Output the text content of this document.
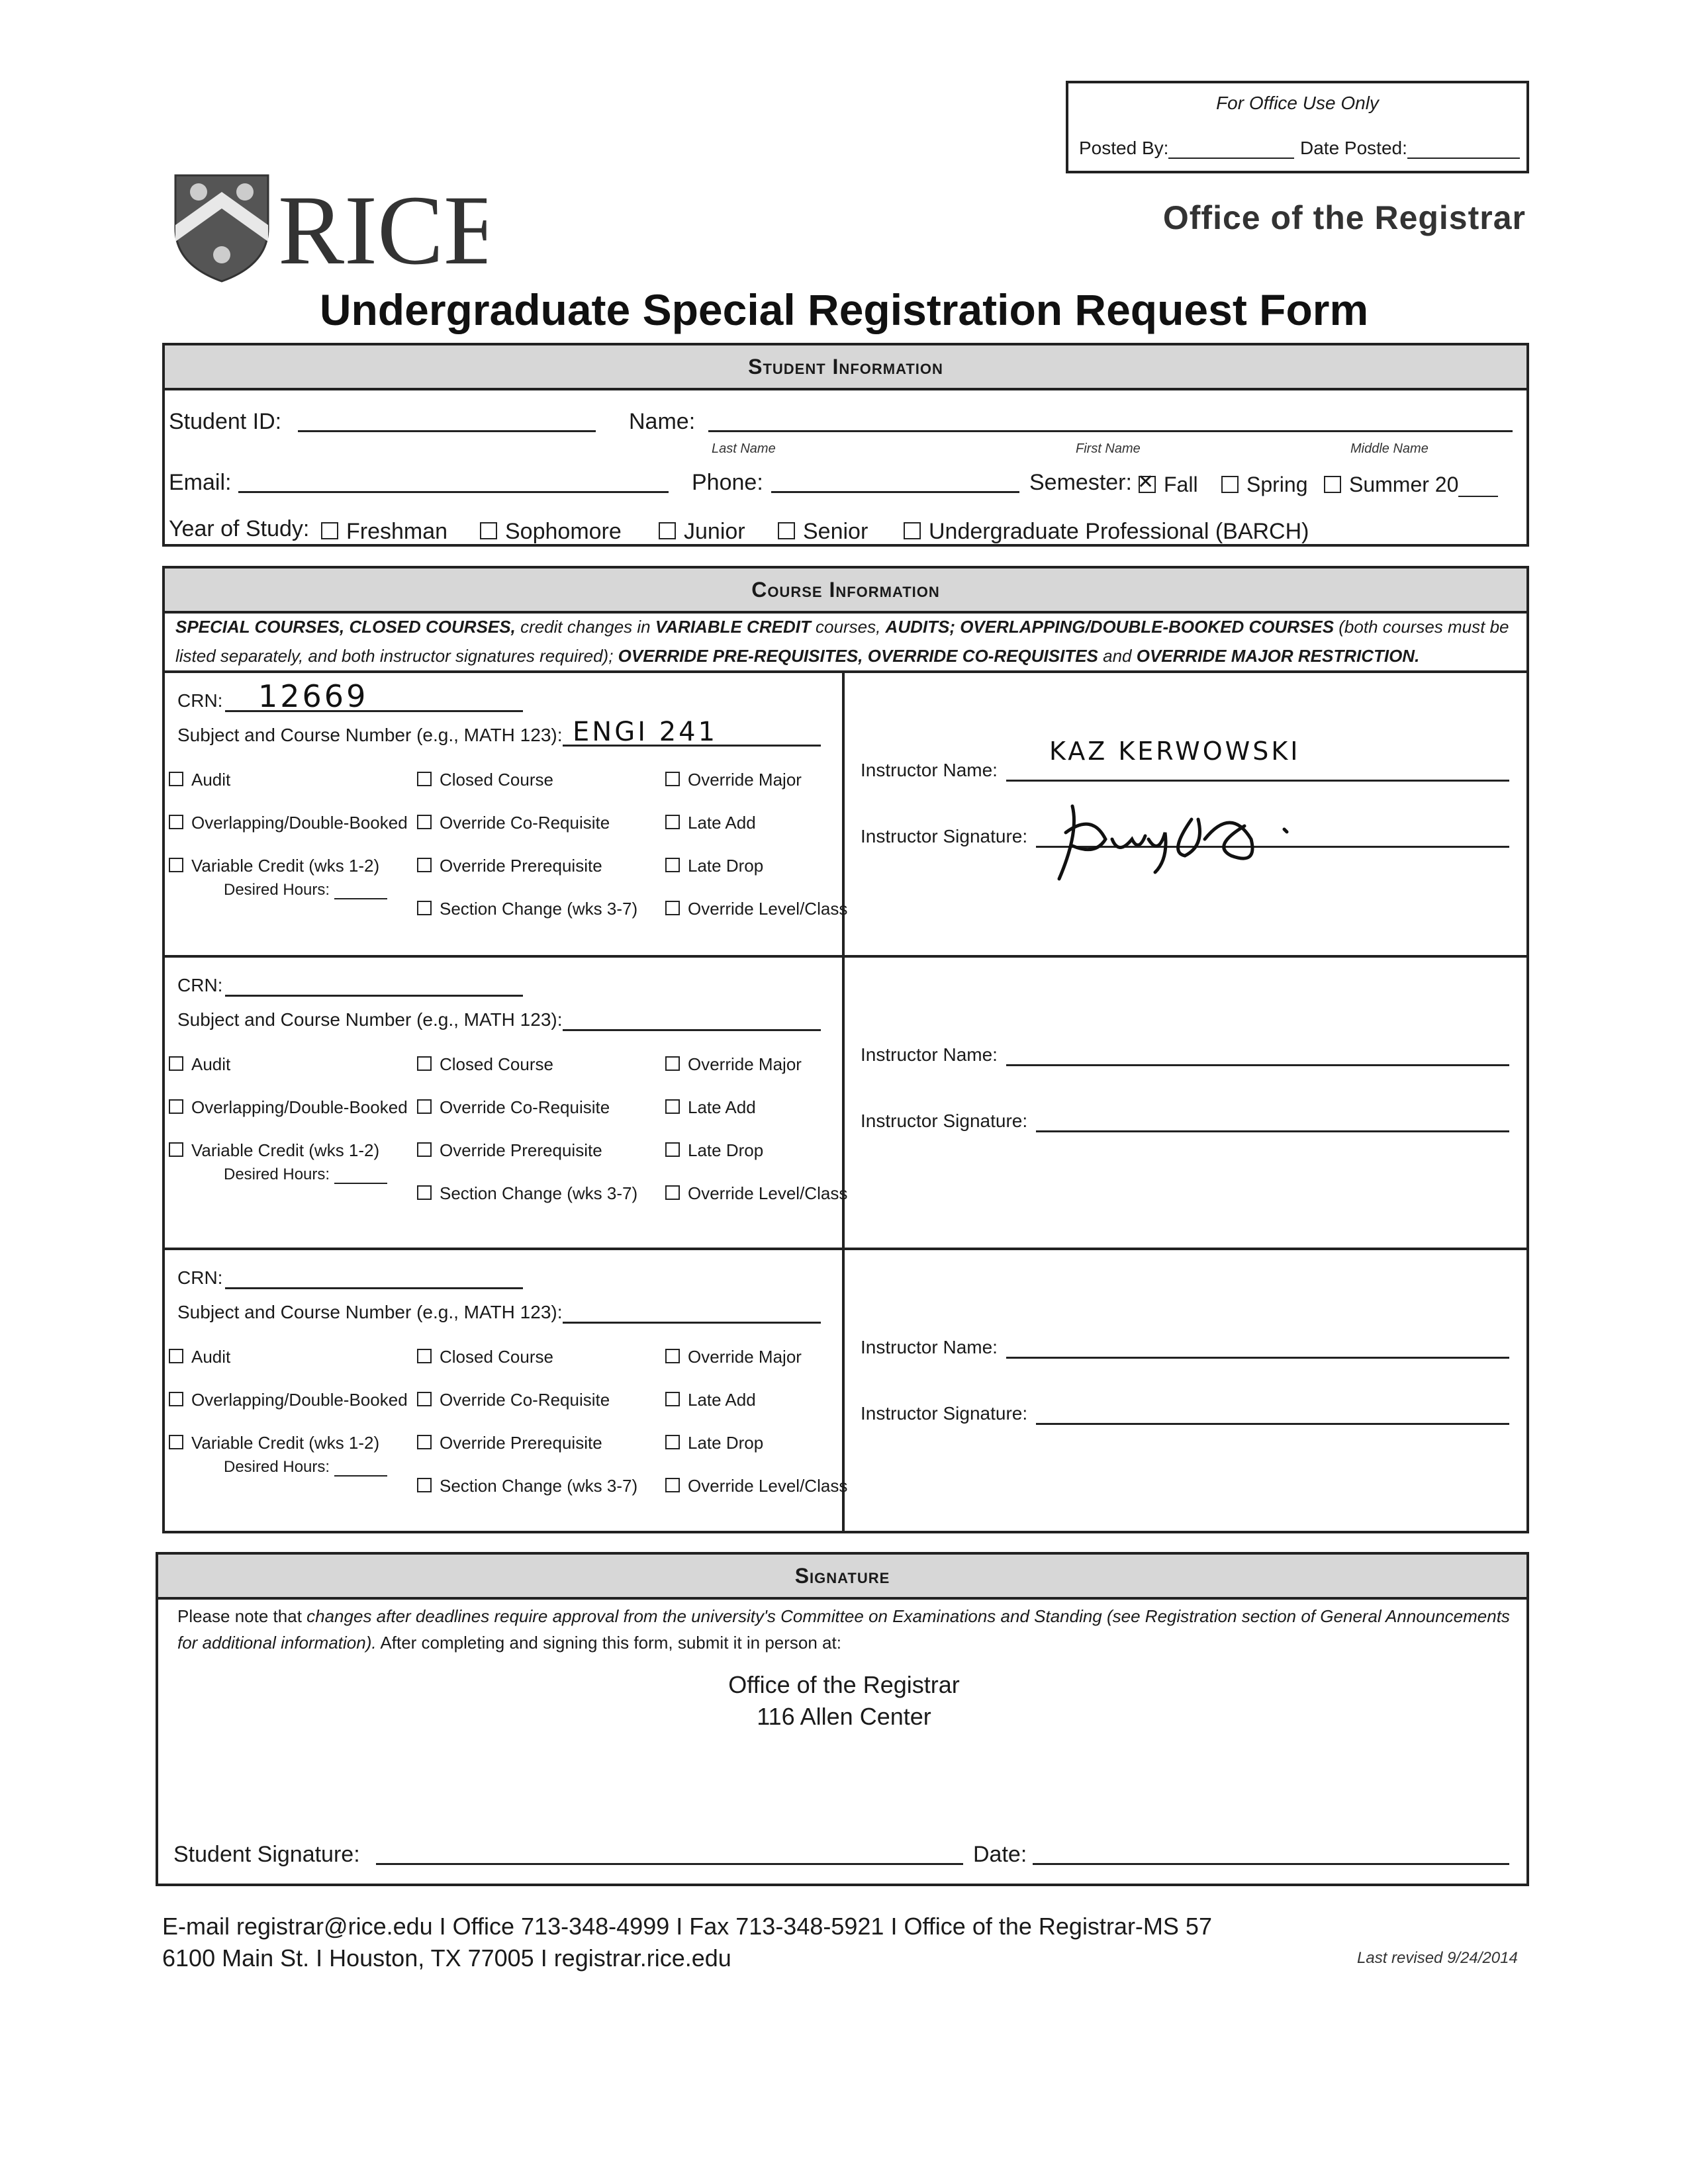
For Office Use Only
Posted By:	Date Posted:
RICE	Office of the Registrar
Undergraduate Special Registration Request Form
Student Information
Student ID:	Name:
Last Name	First Name	Middle Name
Email:	Phone:	Semester:
✕	Fall	Spring	Summer 20
Year of Study:	Freshman	Sophomore	Junior	Senior	Undergraduate Professional (BARCH)
Course Information
SPECIAL COURSES, CLOSED COURSES, credit changes in VARIABLE CREDIT courses, AUDITS; OVERLAPPING/DOUBLE-BOOKED COURSES (both courses must be listed separately, and both instructor signatures required); OVERRIDE PRE-REQUISITES, OVERRIDE CO-REQUISITES and OVERRIDE MAJOR RESTRICTION.
CRN: 12669
Subject and Course Number (e.g., MATH 123): ENGI 241
Audit
Overlapping/Double-Booked
Variable Credit (wks 1-2)
Desired Hours:
Closed Course
Override Co-Requisite
Override Prerequisite
Section Change (wks 3-7)
Override Major
Late Add
Late Drop
Override Level/Class
Instructor Name:
KAZ KERWOWSKI
Instructor Signature:
CRN:
Subject and Course Number (e.g., MATH 123):
Audit
Overlapping/Double-Booked
Variable Credit (wks 1-2)
Desired Hours:
Closed Course
Override Co-Requisite
Override Prerequisite
Section Change (wks 3-7)
Override Major
Late Add
Late Drop
Override Level/Class
Instructor Name:
Instructor Signature:
CRN:
Subject and Course Number (e.g., MATH 123):
Audit
Overlapping/Double-Booked
Variable Credit (wks 1-2)
Desired Hours:
Closed Course
Override Co-Requisite
Override Prerequisite
Section Change (wks 3-7)
Override Major
Late Add
Late Drop
Override Level/Class
Instructor Name:
Instructor Signature:
Signature
Please note that changes after deadlines require approval from the university's Committee on Examinations and Standing (see Registration section of General Announcements for additional information). After completing and signing this form, submit it in person at:
Office of the Registrar
116 Allen Center
Student Signature:	Date:
E-mail registrar@rice.edu I Office 713-348-4999 I Fax 713-348-5921 I Office of the Registrar-MS 57
6100 Main St. I Houston, TX 77005 I registrar.rice.edu	Last revised 9/24/2014
